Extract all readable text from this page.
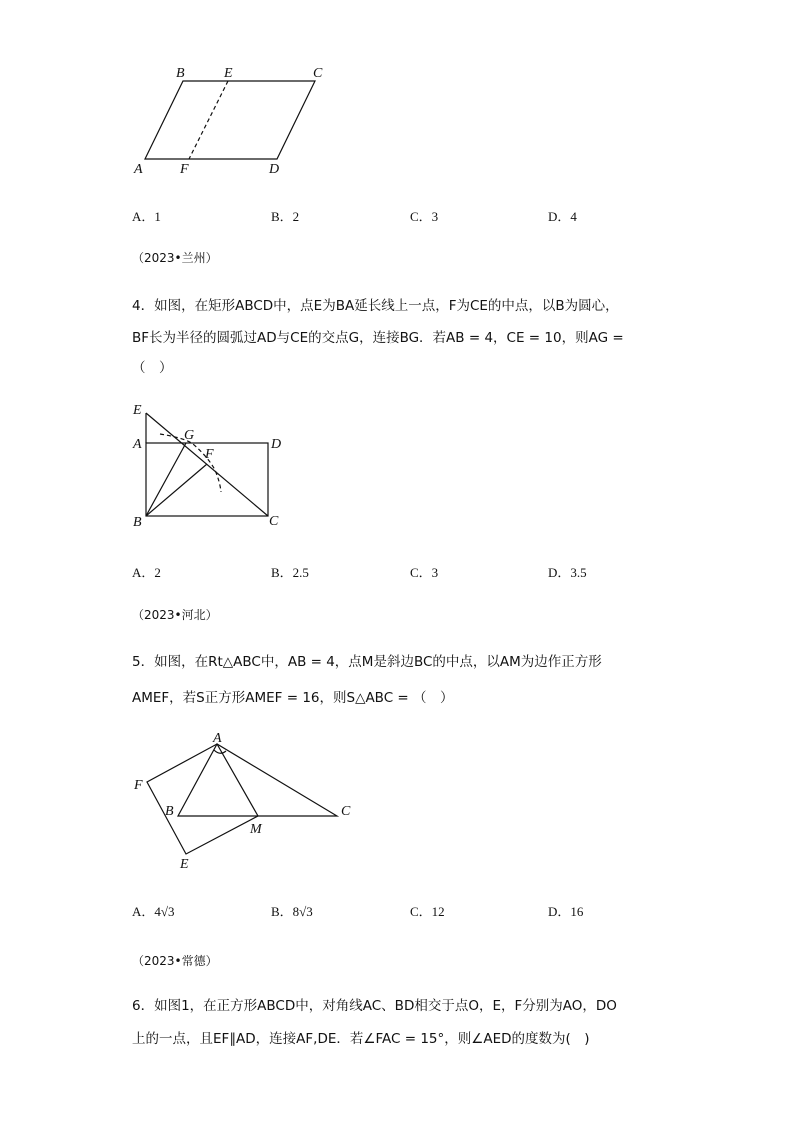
B	E	C
A	F	D
A．1	B．2	C．3	D．4
（2023•兰州）
4．如图，在矩形ABCD中，点E为BA延长线上一点，F为CE的中点，以B为圆心，
BF长为半径的圆弧过AD与CE的交点G，连接BG．若AB = 4，CE = 10，则AG =
（　）
E
A
G
D
F
B	C
A．2	B．2.5	C．3	D．3.5
（2023•河北）
5．如图，在Rt△ABC中，AB = 4，点M是斜边BC的中点，以AM为边作正方形
AMEF，若S正方形AMEF = 16，则S△ABC = （　）
A
F
B	C
M
E
A．4√3	B．8√3	C．12	D．16
（2023•常德）
6．如图1，在正方形ABCD中，对角线AC、BD相交于点O，E，F分别为AO，DO
上的一点，且EF∥AD，连接AF,DE．若∠FAC = 15°，则∠AED的度数为(　)
